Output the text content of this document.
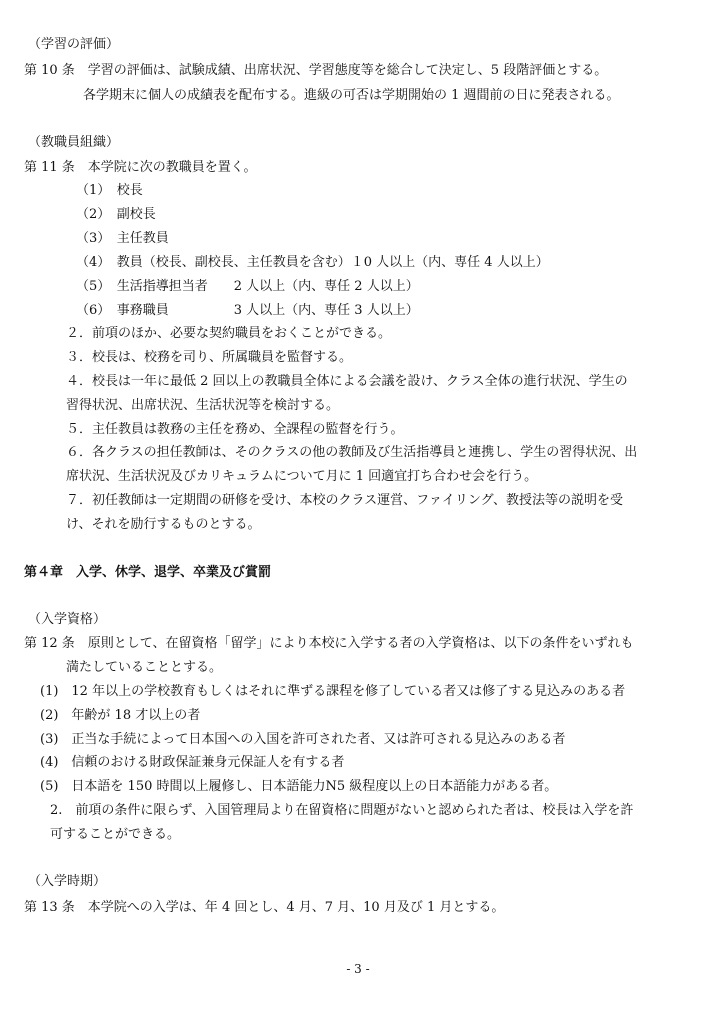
（学習の評価）
第 10 条　学習の評価は、試験成績、出席状況、学習態度等を総合して決定し、5 段階評価とする。
各学期末に個人の成績表を配布する。進級の可否は学期開始の 1 週間前の日に発表される。
（教職員組織）
第 11 条　本学院に次の教職員を置く。
（1）　校長
（2）　副校長
（3）　主任教員
（4）　教員（校長、副校長、主任教員を含む）１0 人以上（内、専任 4 人以上）
（5）　生活指導担当者　　2 人以上（内、専任 2 人以上）
（6）　事務職員　　　　　3 人以上（内、専任 3 人以上）
２．前項のほか、必要な契約職員をおくことができる。
３．校長は、校務を司り、所属職員を監督する。
４．校長は一年に最低 2 回以上の教職員全体による会議を設け、クラス全体の進行状況、学生の
習得状況、出席状況、生活状況等を検討する。
５．主任教員は教務の主任を務め、全課程の監督を行う。
６．各クラスの担任教師は、そのクラスの他の教師及び生活指導員と連携し、学生の習得状況、出
席状況、生活状況及びカリキュラムについて月に 1 回適宜打ち合わせ会を行う。
７．初任教師は一定期間の研修を受け、本校のクラス運営、ファイリング、教授法等の説明を受
け、それを励行するものとする。
第４章　入学、休学、退学、卒業及び賞罰
（入学資格）
第 12 条　原則として、在留資格「留学」により本校に入学する者の入学資格は、以下の条件をいずれも
満たしていることとする。
(1)　12 年以上の学校教育もしくはそれに準ずる課程を修了している者又は修了する見込みのある者
(2)　年齢が 18 才以上の者
(3)　正当な手続によって日本国への入国を許可された者、又は許可される見込みのある者
(4)　信頼のおける財政保証兼身元保証人を有する者
(5)　日本語を 150 時間以上履修し、日本語能力N5 級程度以上の日本語能力がある者。
2.　前項の条件に限らず、入国管理局より在留資格に問題がないと認められた者は、校長は入学を許
可することができる。
（入学時期）
第 13 条　本学院への入学は、年 4 回とし、4 月、7 月、10 月及び 1 月とする。
- 3 -
